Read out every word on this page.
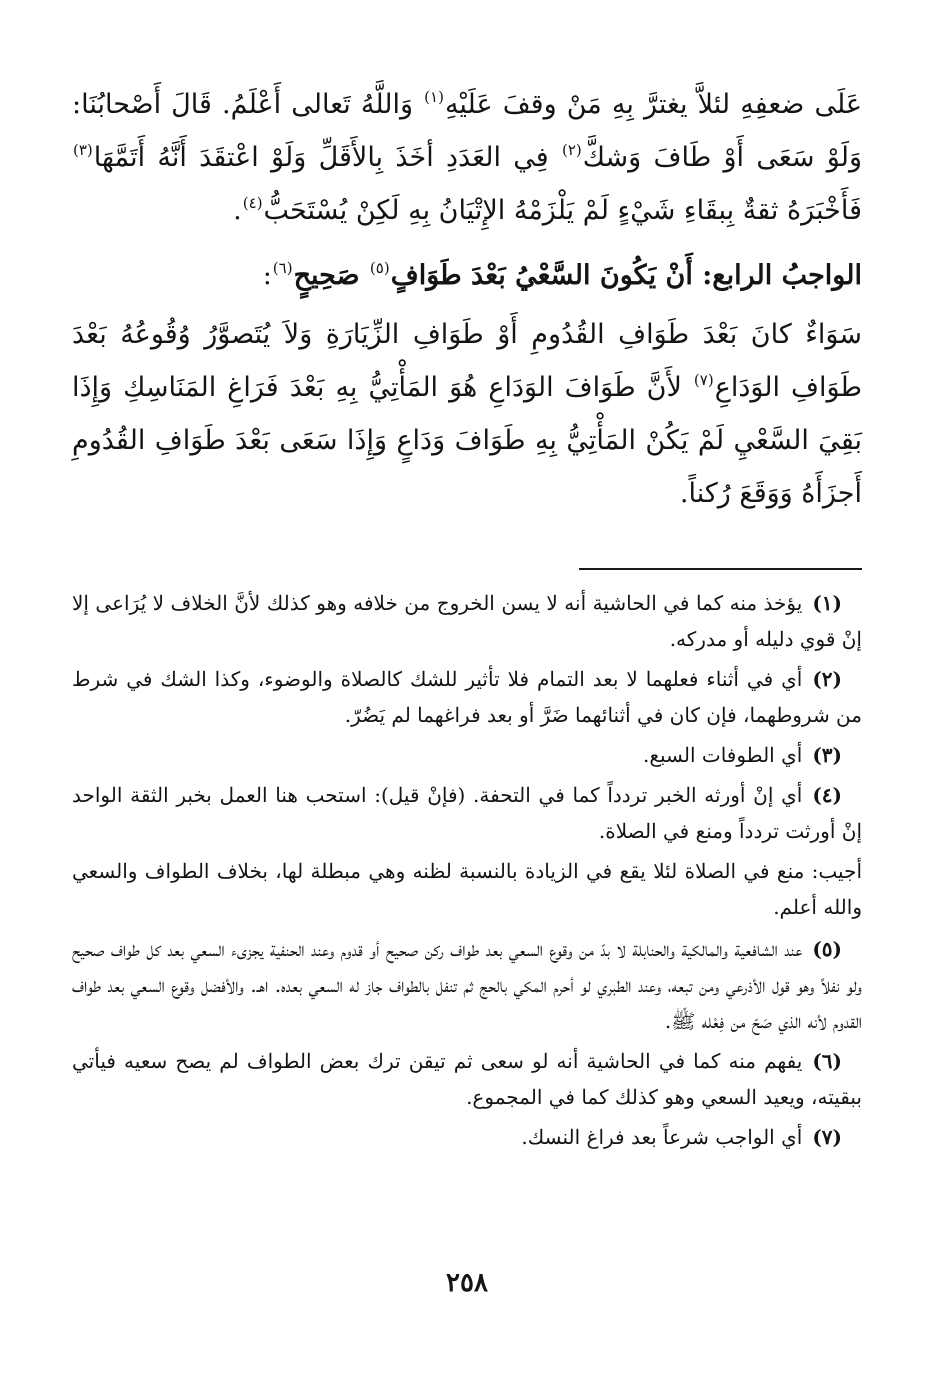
عَلَى ضعفِهِ لئلاَّ يغترَّ بِهِ مَنْ وقفَ عَلَيْهِ$^{(١)}$ وَاللَّهُ تَعالى أَعْلَمُ. قَالَ أَصْحابُنَا: وَلَوْ سَعَى أَوْ طَافَ وَشكَّ$^{(٢)}$ فِي العَدَدِ أخَذَ بِالأَقَلِّ وَلَوْ اعْتقَدَ أَنَّهُ أَتَمَّهَا$^{(٣)}$ فَأَخْبَرَهُ ثقةٌ بِبقَاءِ شَيْءٍ لَمْ يَلْزَمْهُ الإِتْيَانُ بِهِ لَكِنْ يُسْتَحَبُّ$^{(٤)}$.

الواجبُ الرابع: أَنْ يَكُونَ السَّعْيُ بَعْدَ طَوَافٍ$^{(٥)}$ صَحِيحٍ$^{(٦)}$:

سَوَاءٌ كانَ بَعْدَ طَوَافِ القُدُومِ أَوْ طَوَافِ الزِّيَارَةِ وَلاَ يُتَصوَّرُ وُقُوعُهُ بَعْدَ طَوَافِ الوَدَاعِ$^{(٧)}$ لأَنَّ طَوَافَ الوَدَاعِ هُوَ المَأْتِيُّ بِهِ بَعْدَ فَرَاغِ المَنَاسِكِ وَإِذَا بَقِيَ السَّعْيِ لَمْ يَكُنْ المَأْتِيُّ بِهِ طَوَافَ وَدَاعٍ وَإِذَا سَعَى بَعْدَ طَوَافِ القُدُومِ أَجزَأَهُ وَوَقَعَ رُكناً.

(١)يؤخذ منه كما في الحاشية أنه لا يسن الخروج من خلافه وهو كذلك لأنَّ الخلاف لا يُرَاعى إلا إنْ قوي دليله أو مدركه.

(٢)أي في أثناء فعلهما لا بعد التمام فلا تأثير للشك كالصلاة والوضوء، وكذا الشك في شرط من شروطهما، فإن كان في أثنائهما ضَرَّ أو بعد فراغهما لم يَضُرّ.

(٣)أي الطوفات السبع.

(٤)أي إنْ أورثه الخبر تردداً كما في التحفة. (فإنْ قيل): استحب هنا العمل بخبر الثقة الواحد إنْ أورثت تردداً ومنع في الصلاة.

أجيب: منع في الصلاة لئلا يقع في الزيادة بالنسبة لظنه وهي مبطلة لها، بخلاف الطواف والسعي والله أعلم.

(٥)عند الشافعية والمالكية والحنابلة لا بدّ من وقوع السعي بعد طواف ركن صحيح أو قدوم وعند الحنفية يجزىء السعي بعد كل طواف صحيح ولو نفلاً وهو قول الأذرعي ومن تبعه، وعند الطبري لو أحرم المكي بالحج ثم تنفل بالطواف جاز له السعي بعده. اهـ. والأفضل وقوع السعي بعد طواف القدوم لأنه الذي صَحّ من فِعْله ﷺ.

(٦)يفهم منه كما في الحاشية أنه لو سعى ثم تيقن ترك بعض الطواف لم يصح سعيه فيأتي ببقيته، ويعيد السعي وهو كذلك كما في المجموع.

(٧)أي الواجب شرعاً بعد فراغ النسك.

٢٥٨
